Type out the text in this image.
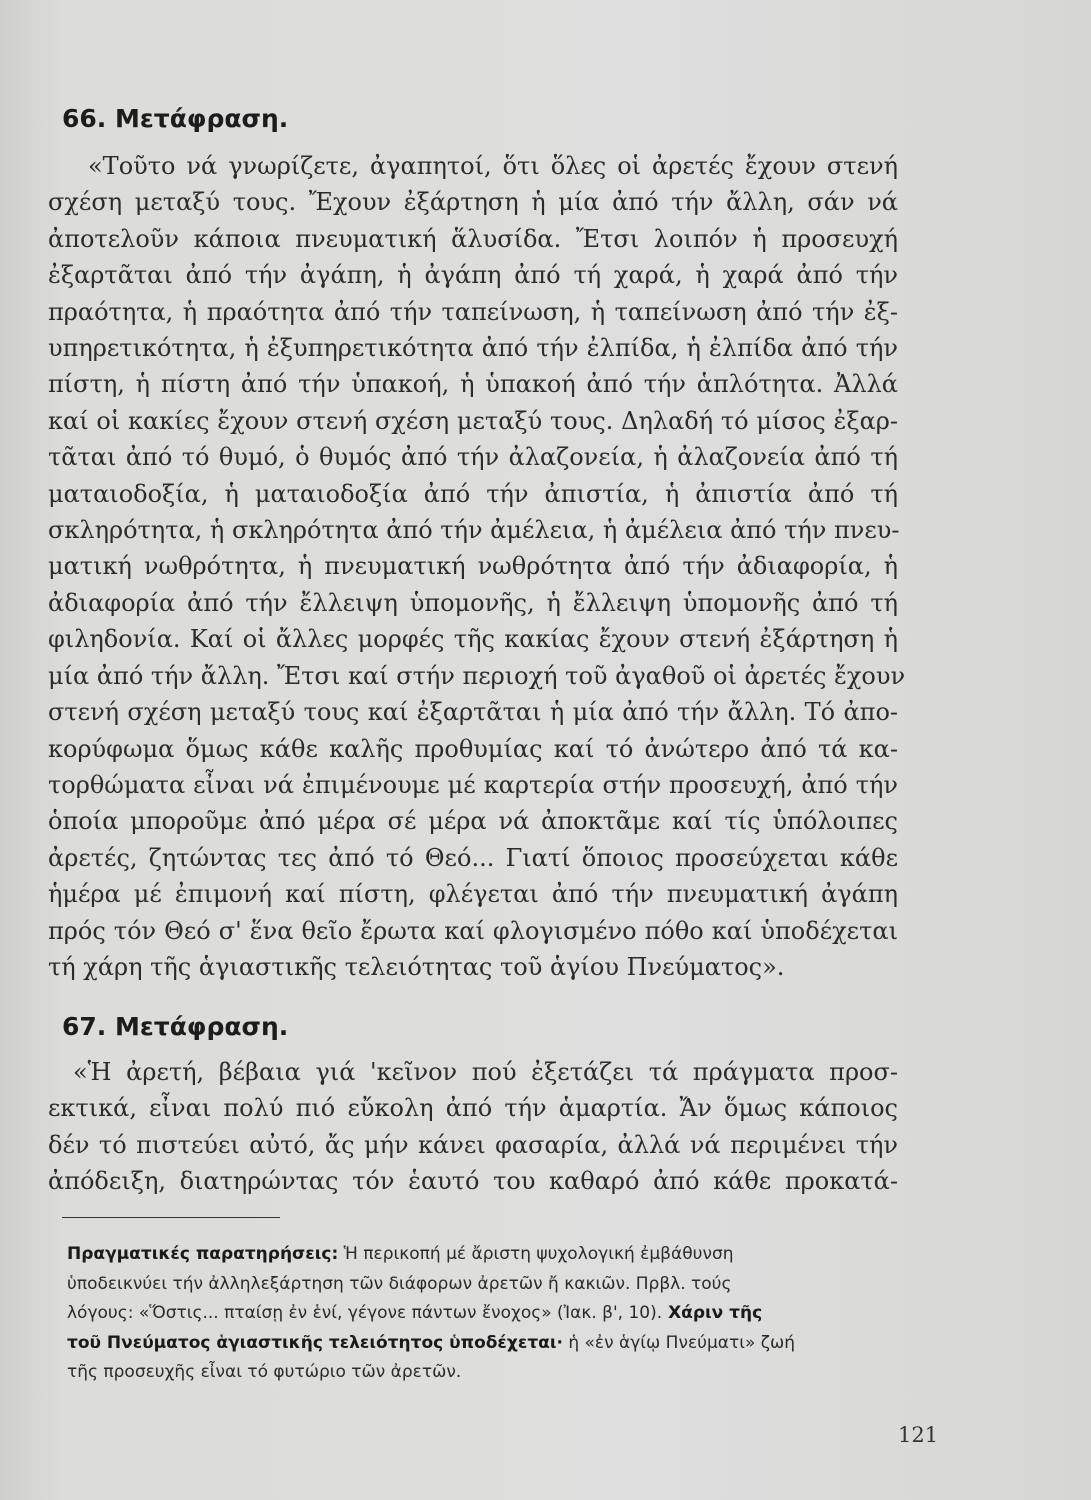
66. Μετάφραση.
«Τοῦτο νά γνωρίζετε, ἀγαπητοί, ὅτι ὅλες οἱ ἀρετές ἔχουν στενή
σχέση μεταξύ τους. Ἔχουν ἐξάρτηση ἡ μία ἀπό τήν ἄλλη, σάν νά
ἀποτελοῦν κάποια πνευματική ἅλυσίδα. Ἔτσι λοιπόν ἡ προσευχή
ἐξαρτᾶται ἀπό τήν ἀγάπη, ἡ ἀγάπη ἀπό τή χαρά, ἡ χαρά ἀπό τήν
πραότητα, ἡ πραότητα ἀπό τήν ταπείνωση, ἡ ταπείνωση ἀπό τήν ἐξ-
υπηρετικότητα, ἡ ἐξυπηρετικότητα ἀπό τήν ἐλπίδα, ἡ ἐλπίδα ἀπό τήν
πίστη, ἡ πίστη ἀπό τήν ὑπακοή, ἡ ὑπακοή ἀπό τήν ἁπλότητα. Ἀλλά
καί οἱ κακίες ἔχουν στενή σχέση μεταξύ τους. Δηλαδή τό μίσος ἐξαρ-
τᾶται ἀπό τό θυμό, ὁ θυμός ἀπό τήν ἀλαζονεία, ἡ ἀλαζονεία ἀπό τή
ματαιοδοξία, ἡ ματαιοδοξία ἀπό τήν ἀπιστία, ἡ ἀπιστία ἀπό τή
σκληρότητα, ἡ σκληρότητα ἀπό τήν ἀμέλεια, ἡ ἀμέλεια ἀπό τήν πνευ-
ματική νωθρότητα, ἡ πνευματική νωθρότητα ἀπό τήν ἀδιαφορία, ἡ
ἀδιαφορία ἀπό τήν ἔλλειψη ὑπομονῆς, ἡ ἔλλειψη ὑπομονῆς ἀπό τή
φιληδονία. Καί οἱ ἄλλες μορφές τῆς κακίας ἔχουν στενή ἐξάρτηση ἡ
μία ἀπό τήν ἄλλη. Ἔτσι καί στήν περιοχή τοῦ ἀγαθοῦ οἱ ἀρετές ἔχουν
στενή σχέση μεταξύ τους καί ἐξαρτᾶται ἡ μία ἀπό τήν ἄλλη. Τό ἀπο-
κορύφωμα ὅμως κάθε καλῆς προθυμίας καί τό ἀνώτερο ἀπό τά κα-
τορθώματα εἶναι νά ἐπιμένουμε μέ καρτερία στήν προσευχή, ἀπό τήν
ὁποία μποροῦμε ἀπό μέρα σέ μέρα νά ἀποκτᾶμε καί τίς ὑπόλοιπες
ἀρετές, ζητώντας τες ἀπό τό Θεό... Γιατί ὅποιος προσεύχεται κάθε
ἡμέρα μέ ἐπιμονή καί πίστη, φλέγεται ἀπό τήν πνευματική ἀγάπη
πρός τόν Θεό σ' ἕνα θεῖο ἔρωτα καί φλογισμένο πόθο καί ὑποδέχεται
τή χάρη τῆς ἁγιαστικῆς τελειότητας τοῦ ἁγίου Πνεύματος».
67. Μετάφραση.
«Ἡ ἀρετή, βέβαια γιά 'κεῖνον πού ἐξετάζει τά πράγματα προσ-
εκτικά, εἶναι πολύ πιό εὔκολη ἀπό τήν ἁμαρτία. Ἄν ὅμως κάποιος
δέν τό πιστεύει αὐτό, ἄς μήν κάνει φασαρία, ἀλλά νά περιμένει τήν
ἀπόδειξη, διατηρώντας τόν ἑαυτό του καθαρό ἀπό κάθε προκατά-
Πραγματικές παρατηρήσεις: Ἡ περικοπή μέ ἄριστη ψυχολογική ἐμβάθυνση
ὑποδεικνύει τήν ἀλληλεξάρτηση τῶν διάφορων ἀρετῶν ἤ κακιῶν. Πρβλ. τούς
λόγους: «Ὅστις... πταίσῃ ἐν ἑνί, γέγονε πάντων ἔνοχος» (Ἰακ. β', 10). Χάριν τῆς
τοῦ Πνεύματος ἁγιαστικῆς τελειότητος ὑποδέχεται· ἡ «ἐν ἁγίῳ Πνεύματι» ζωή
τῆς προσευχῆς εἶναι τό φυτώριο τῶν ἀρετῶν.
121
